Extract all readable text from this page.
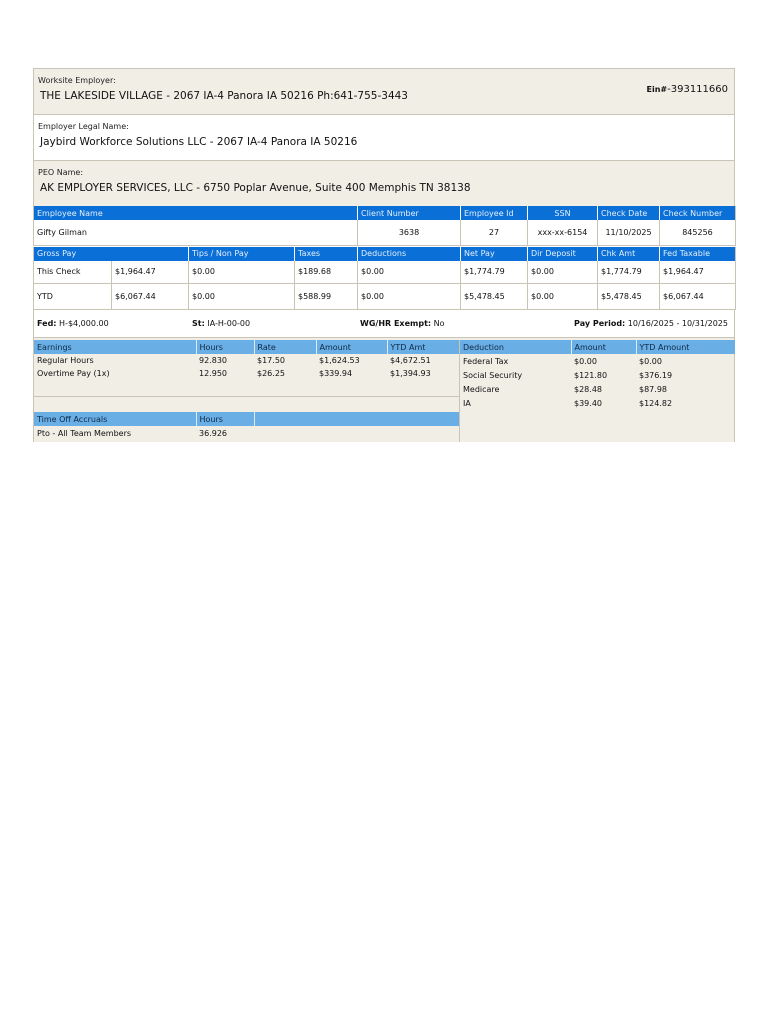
Worksite Employer:
THE LAKESIDE VILLAGE - 2067 IA-4 Panora IA 50216 Ph:641-755-3443
Ein#-393111660
Employer Legal Name:
Jaybird Workforce Solutions LLC - 2067 IA-4 Panora IA 50216
PEO Name:
AK EMPLOYER SERVICES, LLC - 6750 Poplar Avenue, Suite 400 Memphis TN 38138
Employee Name	Client Number	Employee Id	SSN	Check Date	Check Number
Gifty Gilman	3638	27	xxx-xx-6154	11/10/2025	845256
Gross Pay		Tips / Non Pay	Taxes	Deductions	Net Pay	Dir Deposit	Chk Amt	Fed Taxable
This Check	$1,964.47	$0.00	$189.68	$0.00	$1,774.79	$0.00	$1,774.79	$1,964.47
YTD	$6,067.44	$0.00	$588.99	$0.00	$5,478.45	$0.00	$5,478.45	$6,067.44
Fed: H-$4,000.00	St: IA-H-00-00	WG/HR Exempt: No	Pay Period: 10/16/2025 - 10/31/2025
Earnings	Hours	Rate	Amount	YTD Amt
Regular Hours	92.830	$17.50	$1,624.53	$4,672.51
Overtime Pay (1x)	12.950	$26.25	$339.94	$1,394.93
Time Off Accruals	Hours	
Pto - All Team Members	36.926	
Deduction	Amount	YTD Amount
Federal Tax	$0.00	$0.00
Social Security	$121.80	$376.19
Medicare	$28.48	$87.98
IA	$39.40	$124.82
